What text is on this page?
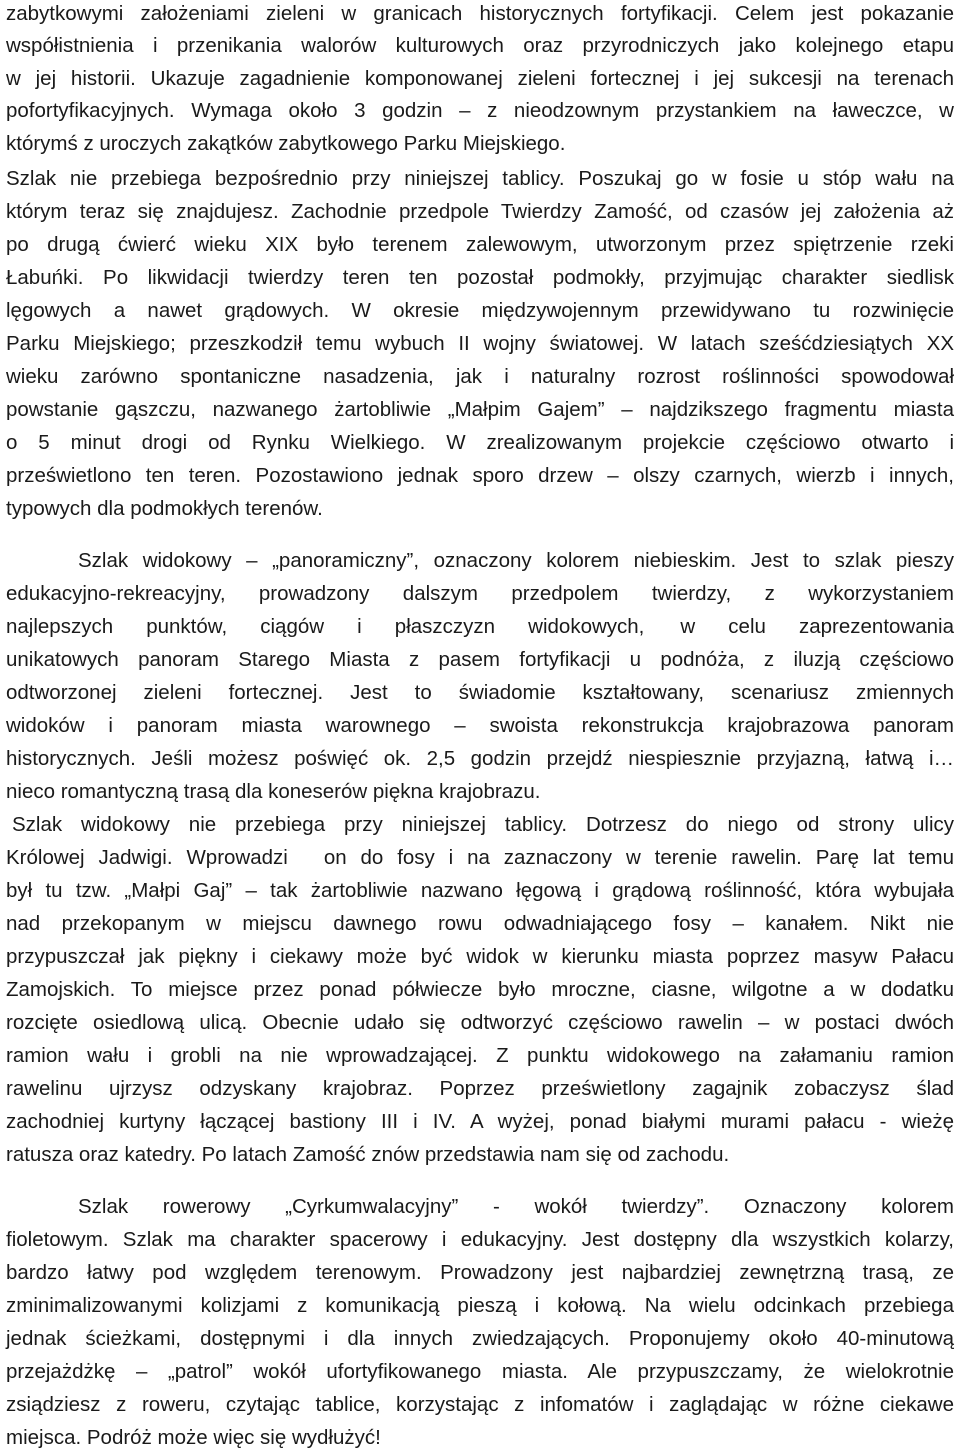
zabytkowymi założeniami zieleni w granicach historycznych fortyfikacji. Celem jest pokazanie
współistnienia i przenikania walorów kulturowych oraz przyrodniczych jako kolejnego etapu
w jej historii. Ukazuje zagadnienie komponowanej zieleni fortecznej i jej sukcesji na terenach
pofortyfikacyjnych. Wymaga około 3 godzin – z nieodzownym przystankiem na ławeczce, w
którymś z uroczych zakątków zabytkowego Parku Miejskiego.
Szlak nie przebiega bezpośrednio przy niniejszej tablicy. Poszukaj go w fosie u stóp wału na
którym teraz się znajdujesz. Zachodnie przedpole Twierdzy Zamość, od czasów jej założenia aż
po drugą ćwierć wieku XIX było terenem zalewowym, utworzonym przez spiętrzenie rzeki
Łabuńki. Po likwidacji twierdzy teren ten pozostał podmokły, przyjmując charakter siedlisk
lęgowych a nawet grądowych. W okresie międzywojennym przewidywano tu rozwinięcie
Parku Miejskiego; przeszkodził temu wybuch II wojny światowej. W latach sześćdziesiątych XX
wieku zarówno spontaniczne nasadzenia, jak i naturalny rozrost roślinności spowodował
powstanie gąszczu, nazwanego żartobliwie „Małpim Gajem” – najdzikszego fragmentu miasta
o 5 minut drogi od Rynku Wielkiego. W zrealizowanym projekcie częściowo otwarto i
prześwietlono ten teren. Pozostawiono jednak sporo drzew – olszy czarnych, wierzb i innych,
typowych dla podmokłych terenów.
Szlak widokowy – „panoramiczny”, oznaczony kolorem niebieskim. Jest to szlak pieszy
edukacyjno-rekreacyjny, prowadzony dalszym przedpolem twierdzy, z wykorzystaniem
najlepszych punktów, ciągów i płaszczyzn widokowych, w celu zaprezentowania
unikatowych panoram Starego Miasta z pasem fortyfikacji u podnóża, z iluzją częściowo
odtworzonej zieleni fortecznej. Jest to świadomie kształtowany, scenariusz zmiennych
widoków i panoram miasta warownego – swoista rekonstrukcja krajobrazowa panoram
historycznych. Jeśli możesz poświęć ok. 2,5 godzin przejdź niespiesznie przyjazną, łatwą i…
nieco romantyczną trasą dla koneserów piękna krajobrazu.
Szlak widokowy nie przebiega przy niniejszej tablicy. Dotrzesz do niego od strony ulicy
Królowej Jadwigi. Wprowadzi on do fosy i na zaznaczony w terenie rawelin. Parę lat temu
był tu tzw. „Małpi Gaj” – tak żartobliwie nazwano łęgową i grądową roślinność, która wybujała
nad przekopanym w miejscu dawnego rowu odwadniającego fosy – kanałem. Nikt nie
przypuszczał jak piękny i ciekawy może być widok w kierunku miasta poprzez masyw Pałacu
Zamojskich. To miejsce przez ponad półwiecze było mroczne, ciasne, wilgotne a w dodatku
rozcięte osiedlową ulicą. Obecnie udało się odtworzyć częściowo rawelin – w postaci dwóch
ramion wału i grobli na nie wprowadzającej. Z punktu widokowego na załamaniu ramion
rawelinu ujrzysz odzyskany krajobraz. Poprzez prześwietlony zagajnik zobaczysz ślad
zachodniej kurtyny łączącej bastiony III i IV. A wyżej, ponad białymi murami pałacu - wieżę
ratusza oraz katedry. Po latach Zamość znów przedstawia nam się od zachodu.
Szlak rowerowy „Cyrkumwalacyjny” - wokół twierdzy”. Oznaczony kolorem
fioletowym. Szlak ma charakter spacerowy i edukacyjny. Jest dostępny dla wszystkich kolarzy,
bardzo łatwy pod względem terenowym. Prowadzony jest najbardziej zewnętrzną trasą, ze
zminimalizowanymi kolizjami z komunikacją pieszą i kołową. Na wielu odcinkach przebiega
jednak ścieżkami, dostępnymi i dla innych zwiedzających. Proponujemy około 40-minutową
przejażdżkę – „patrol” wokół ufortyfikowanego miasta. Ale przypuszczamy, że wielokrotnie
zsiądziesz z roweru, czytając tablice, korzystając z infomatów i zaglądając w różne ciekawe
miejsca. Podróż może więc się wydłużyć!
